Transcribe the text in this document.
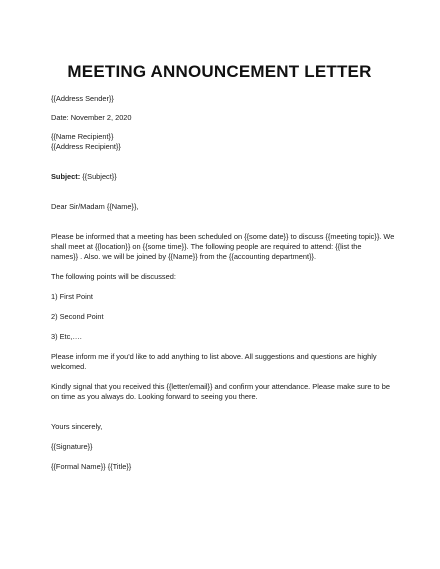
MEETING ANNOUNCEMENT LETTER

{{Address Sender}}

Date: November 2, 2020

{{Name Recipient}}

{{Address Recipient}}

Subject: {{Subject}}

Dear Sir/Madam {{Name}},

Please be informed that a meeting has been scheduled on {{some date}} to discuss {{meeting topic}}. We

shall meet at {{location}} on {{some time}}. The following people are required to attend: {{list the

names}} . Also. we will be joined by {{Name}} from the {{accounting department}}.

The following points will be discussed:

1) First Point

2) Second Point

3) Etc,….

Please inform me if you'd like to add anything to list above. All suggestions and questions are highly

welcomed.

Kindly signal that you received this {{letter/email}} and confirm your attendance. Please make sure to be

on time as you always do. Looking forward to seeing you there.

Yours sincerely,

{{Signature}}

{{Formal Name}} {{Title}}
